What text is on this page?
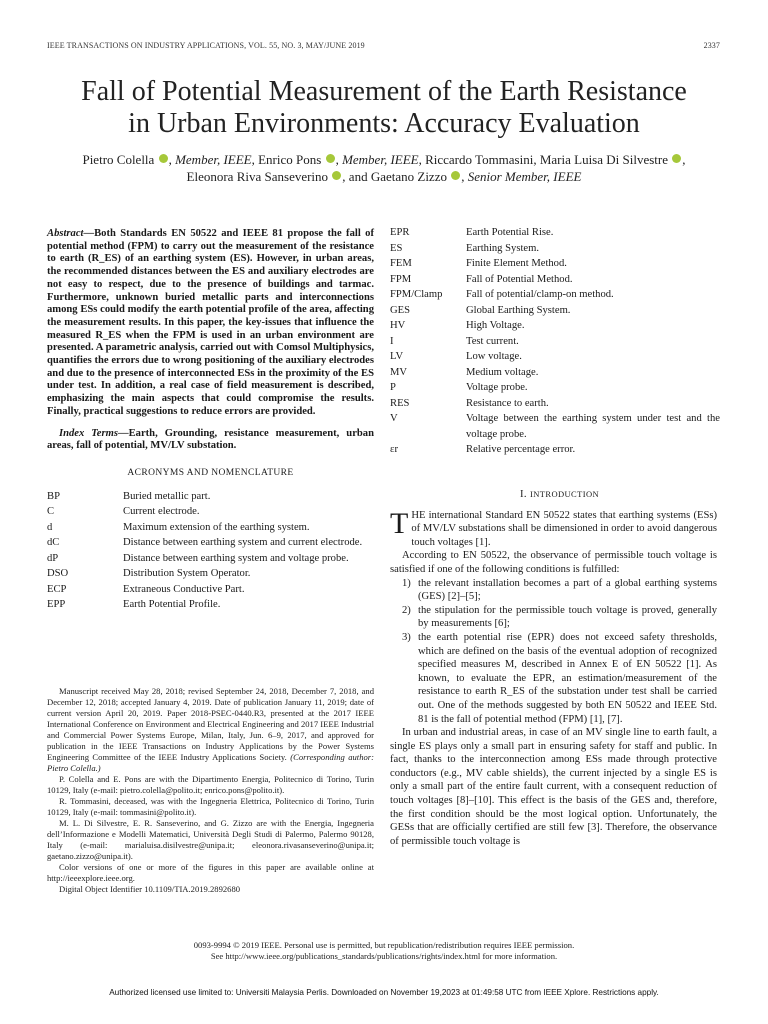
IEEE TRANSACTIONS ON INDUSTRY APPLICATIONS, VOL. 55, NO. 3, MAY/JUNE 2019	2337
Fall of Potential Measurement of the Earth Resistance
in Urban Environments: Accuracy Evaluation
Pietro Colella , Member, IEEE, Enrico Pons , Member, IEEE, Riccardo Tommasini, Maria Luisa Di Silvestre ,
Eleonora Riva Sanseverino , and Gaetano Zizzo , Senior Member, IEEE
Abstract—Both Standards EN 50522 and IEEE 81 propose the fall of potential method (FPM) to carry out the measurement of the resistance to earth (R_ES) of an earthing system (ES). However, in urban areas, the recommended distances between the ES and auxiliary electrodes are not easy to respect, due to the presence of buildings and tarmac. Furthermore, unknown buried metallic parts and interconnections among ESs could modify the earth potential profile of the area, affecting the measurement results. In this paper, the key-issues that influence the measured R_ES when the FPM is used in an urban environment are presented. A parametric analysis, carried out with Comsol Multiphysics, quantifies the errors due to wrong positioning of the auxiliary electrodes and due to the presence of interconnected ESs in the proximity of the ES under test. In addition, a real case of field measurement is described, emphasizing the main aspects that could compromise the results. Finally, practical suggestions to reduce errors are provided.
Index Terms—Earth, Grounding, resistance measurement, urban areas, fall of potential, MV/LV substation.

ACRONYMS AND NOMENCLATURE

BP	Buried metallic part.
C	Current electrode.
d	Maximum extension of the earthing system.
dC	Distance between earthing system and current electrode.
dP	Distance between earthing system and voltage probe.
DSO	Distribution System Operator.
ECP	Extraneous Conductive Part.
EPP	Earth Potential Profile.
EPR	Earth Potential Rise.
ES	Earthing System.
FEM	Finite Element Method.
FPM	Fall of Potential Method.
FPM/Clamp	Fall of potential/clamp-on method.
GES	Global Earthing System.
HV	High Voltage.
I	Test current.
LV	Low voltage.
MV	Medium voltage.
P	Voltage probe.
RES	Resistance to earth.
V	Voltage between the earthing system under test and the voltage probe.
εr	Relative percentage error.

Manuscript received May 28, 2018; revised September 24, 2018, December 7, 2018, and December 12, 2018; accepted January 4, 2019. Date of publication January 11, 2019; date of current version April 20, 2019. Paper 2018-PSEC-0440.R3, presented at the 2017 IEEE International Conference on Environment and Electrical Engineering and 2017 IEEE Industrial and Commercial Power Systems Europe, Milan, Italy, Jun. 6–9, 2017, and approved for publication in the IEEE Transactions on Industry Applications by the Power Systems Engineering Committee of the IEEE Industry Applications Society. (Corresponding author: Pietro Colella.)

P. Colella and E. Pons are with the Dipartimento Energia, Politecnico di Torino, Turin 10129, Italy (e-mail: pietro.colella@polito.it; enrico.pons@polito.it).

R. Tommasini, deceased, was with the Ingegneria Elettrica, Politecnico di Torino, Turin 10129, Italy (e-mail: tommasini@polito.it).

M. L. Di Silvestre, E. R. Sanseverino, and G. Zizzo are with the Energia, Ingegneria dell’Informazione e Modelli Matematici, Università Degli Studi di Palermo, Palermo 90128, Italy (e-mail: marialuisa.disilvestre@unipa.it; eleonora.rivasanseverino@unipa.it; gaetano.zizzo@unipa.it).

Color versions of one or more of the figures in this paper are available online at http://ieeexplore.ieee.org.

Digital Object Identifier 10.1109/TIA.2019.2892680

I. INTRODUCTION

THE international Standard EN 50522 states that earthing systems (ESs) of MV/LV substations shall be dimensioned in order to avoid dangerous touch voltages [1].

According to EN 50522, the observance of permissible touch voltage is satisfied if one of the following conditions is fulfilled:

1) the relevant installation becomes a part of a global earthing systems (GES) [2]–[5];
2) the stipulation for the permissible touch voltage is proved, generally by measurements [6];
3) the earth potential rise (EPR) does not exceed safety thresholds, which are defined on the basis of the eventual adoption of recognized specified measures M, described in Annex E of EN 50522 [1]. As known, to evaluate the EPR, an estimation/measurement of the resistance to earth R_ES of the substation under test shall be carried out. One of the methods suggested by both EN 50522 and IEEE Std. 81 is the fall of potential method (FPM) [1], [7].

In urban and industrial areas, in case of an MV single line to earth fault, a single ES plays only a small part in ensuring safety for staff and public. In fact, thanks to the interconnection among ESs made through protective conductors (e.g., MV cable shields), the current injected by a single ES is only a small part of the entire fault current, with a consequent reduction of touch voltages [8]–[10]. This effect is the basis of the GES and, therefore, the first condition should be the most logical option. Unfortunately, the GESs that are officially certified are still few [3]. Therefore, the observance of permissible touch voltage is

0093-9994 © 2019 IEEE. Personal use is permitted, but republication/redistribution requires IEEE permission.
See http://www.ieee.org/publications_standards/publications/rights/index.html for more information.
Authorized licensed use limited to: Universiti Malaysia Perlis. Downloaded on November 19,2023 at 01:49:58 UTC from IEEE Xplore. Restrictions apply.
